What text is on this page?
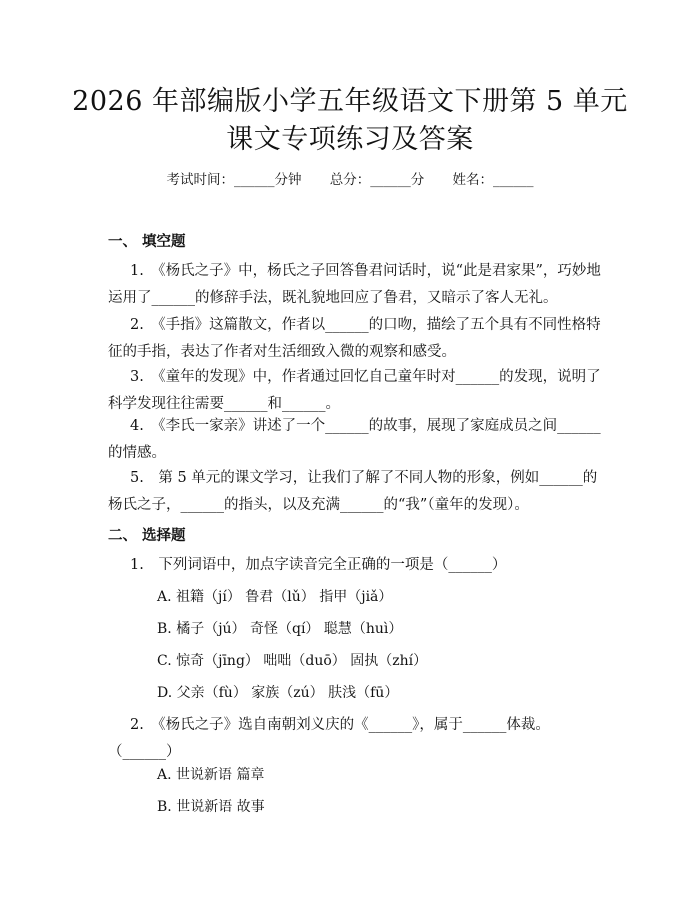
2026 年部编版小学五年级语文下册第 5 单元
课文专项练习及答案
考试时间：______分钟 总分：______分 姓名：______
一、 填空题
1.　《杨氏之子》中，杨氏之子回答鲁君问话时，说“此是君家果”，巧妙地运用了______的修辞手法，既礼貌地回应了鲁君，又暗示了客人无礼。
2.　《手指》这篇散文，作者以______的口吻，描绘了五个具有不同性格特征的手指，表达了作者对生活细致入微的观察和感受。
3.　《童年的发现》中，作者通过回忆自己童年时对______的发现，说明了科学发现往往需要______和______。
4.　《李氏一家亲》讲述了一个______的故事，展现了家庭成员之间______的情感。
5.　第 5 单元的课文学习，让我们了解了不同人物的形象，例如______的杨氏之子，______的指头，以及充满______的“我”（童年的发现）。
二、 选择题
1.　下列词语中，加点字读音完全正确的一项是（______）
A. 祖籍（jí） 鲁君（lǔ） 指甲（jiǎ）
B. 橘子（jú） 奇怪（qí） 聪慧（huì）
C. 惊奇（jīng） 咄咄（duō） 固执（zhí）
D. 父亲（fù） 家族（zú） 肤浅（fū）
2.　《杨氏之子》选自南朝刘义庆的《______》，属于______体裁。（______）
A. 世说新语 篇章
B. 世说新语 故事
